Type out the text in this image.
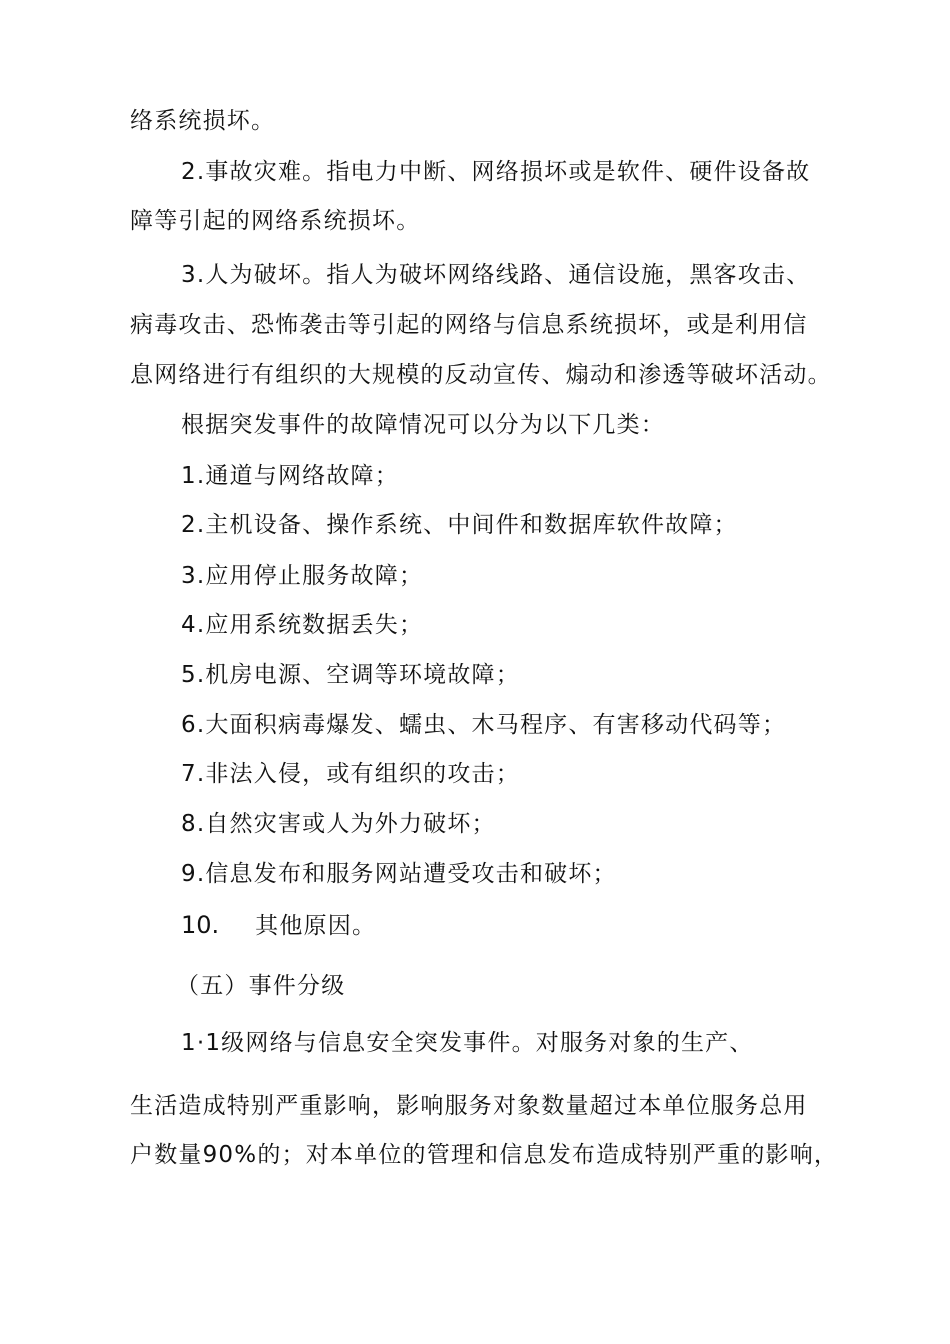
络系统损坏。
2.事故灾难。指电力中断、网络损坏或是软件、硬件设备故
障等引起的网络系统损坏。
3.人为破坏。指人为破坏网络线路、通信设施，黑客攻击、
病毒攻击、恐怖袭击等引起的网络与信息系统损坏，或是利用信
息网络进行有组织的大规模的反动宣传、煽动和渗透等破坏活动。
根据突发事件的故障情况可以分为以下几类：
1.通道与网络故障；
2.主机设备、操作系统、中间件和数据库软件故障；
3.应用停止服务故障；
4.应用系统数据丢失；
5.机房电源、空调等环境故障；
6.大面积病毒爆发、蠕虫、木马程序、有害移动代码等；
7.非法入侵，或有组织的攻击；
8.自然灾害或人为外力破坏；
9.信息发布和服务网站遭受攻击和破坏；
10. 其他原因。
（五）事件分级
1·1级网络与信息安全突发事件。对服务对象的生产、
生活造成特别严重影响，影响服务对象数量超过本单位服务总用
户数量90%的；对本单位的管理和信息发布造成特别严重的影响，
